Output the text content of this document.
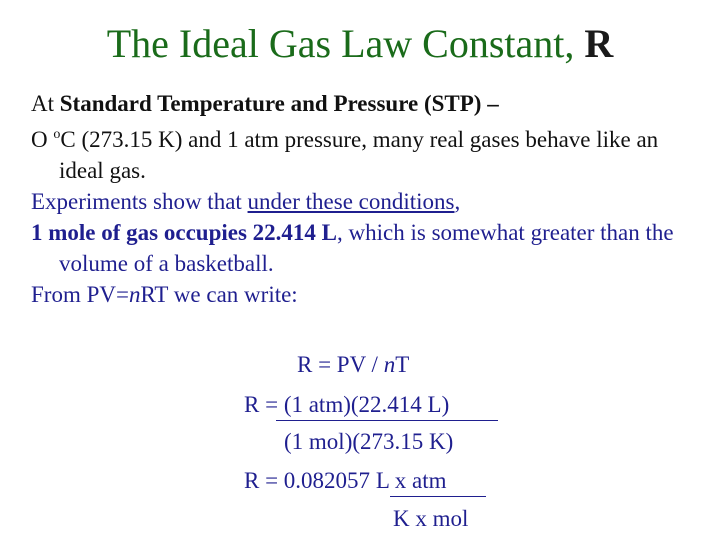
The Ideal Gas Law Constant, R

At Standard Temperature and Pressure (STP) –

O $^o$C (273.15 K) and 1 atm pressure, many real gases behave like an ideal gas.

Experiments show that under these conditions,

1 mole of gas occupies 22.414 L, which is somewhat greater than the volume of a basketball.

From PV=nRT we can write:

R = PV / nT
R = (1 atm)(22.414 L)
(1 mol)(273.15 K)
R = 0.082057 L x atm
K x mol
